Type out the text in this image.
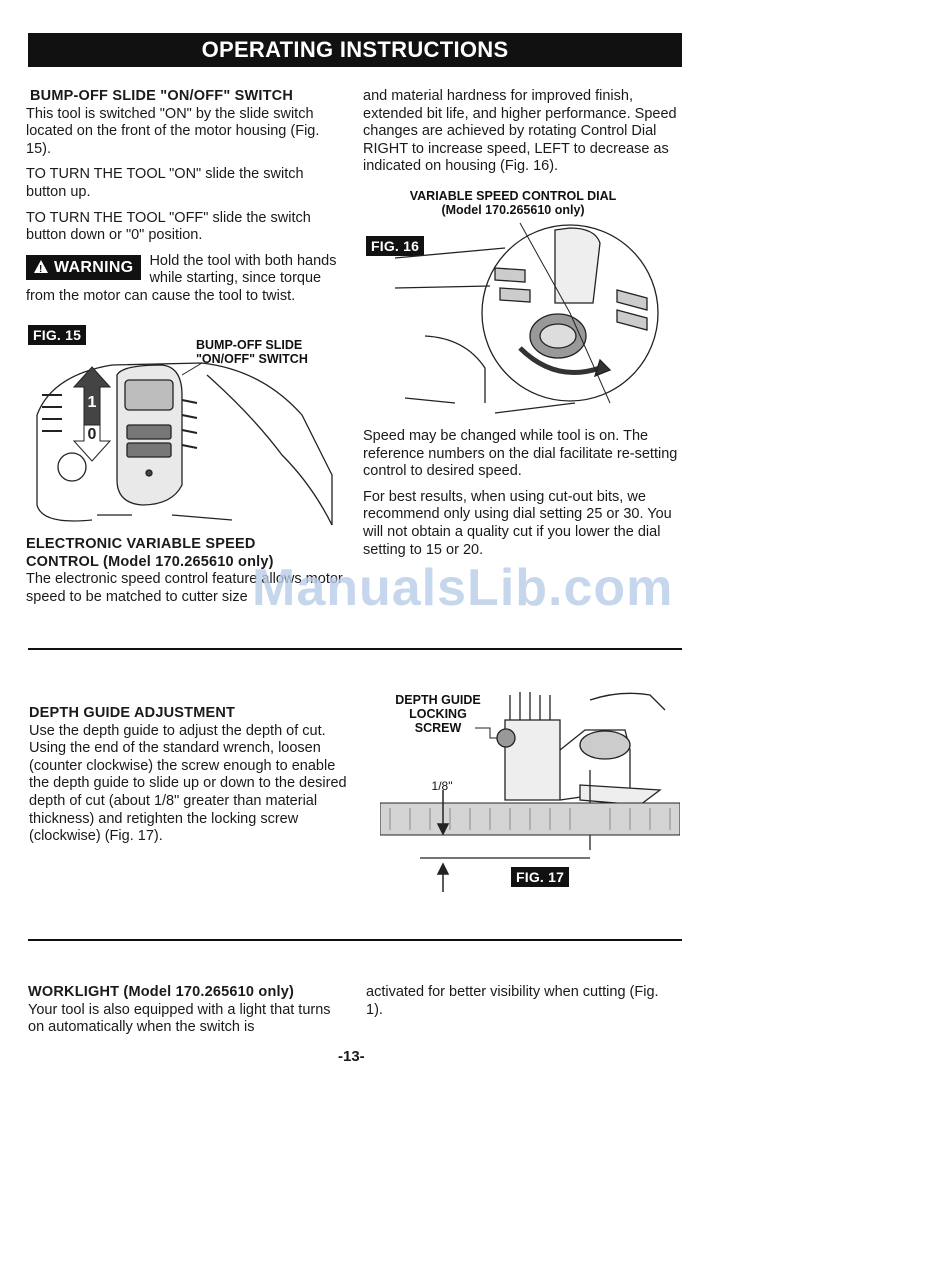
OPERATING INSTRUCTIONS
BUMP-OFF SLIDE "ON/OFF" SWITCH

This tool is switched "ON" by the slide switch located on the front of the motor housing (Fig. 15).

TO TURN THE TOOL "ON" slide the switch button up.

TO TURN THE TOOL "OFF" slide the switch button down or "0" position.

!WARNING	Hold the tool with both hands while starting, since torque from the motor can cause the tool to twist.
FIG. 15
BUMP-OFF SLIDE "ON/OFF" SWITCH
1
0
ELECTRONIC VARIABLE SPEED CONTROL (Model 170.265610 only)

The electronic speed control feature allows motor speed to be matched to cutter size

and material hardness for improved finish, extended bit life, and higher performance. Speed changes are achieved by rotating Control Dial RIGHT to increase speed, LEFT to decrease as indicated on housing (Fig. 16).

VARIABLE SPEED CONTROL DIAL
(Model 170.265610 only)
FIG. 16

Speed may be changed while tool is on. The reference numbers on the dial facilitate re-setting control to desired speed.

For best results, when using cut-out bits, we recommend only using dial setting 25 or 30. You will not obtain a quality cut if you lower the dial setting to 15 or 20.

ManualsLib.com
DEPTH GUIDE ADJUSTMENT

Use the depth guide to adjust the depth of cut. Using the end of the standard wrench, loosen (counter clockwise) the screw enough to enable the depth guide to slide up or down to the desired depth of cut (about 1/8" greater than material thickness) and retighten the locking screw (clockwise) (Fig. 17).

DEPTH GUIDE LOCKING SCREW
1/8"
FIG. 17
WORKLIGHT (Model 170.265610 only)

Your tool is also equipped with a light that turns on automatically when the switch is

activated for better visibility when cutting (Fig. 1).

-13-
